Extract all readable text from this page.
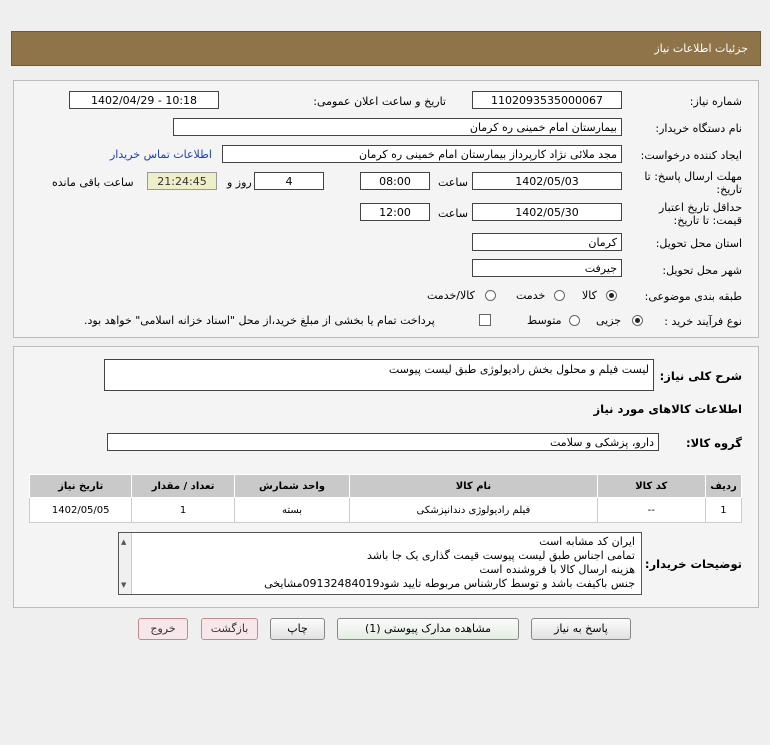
جزئیات اطلاعات نیاز
شماره نیاز:
1102093535000067
تاریخ و ساعت اعلان عمومی:
1402/04/29 - 10:18
نام دستگاه خریدار:
بیمارستان امام خمینی ره کرمان
ایجاد کننده درخواست:
مجد ملائی نژاد کارپرداز بیمارستان امام خمینی ره کرمان
اطلاعات تماس خریدار
مهلت ارسال پاسخ: تا
تاریخ:
1402/05/03
ساعت
08:00
4
روز و
21:24:45
ساعت باقی مانده
حداقل تاریخ اعتبار
قیمت: تا تاریخ:
1402/05/30
ساعت
12:00
استان محل تحویل:
کرمان
شهر محل تحویل:
جیرفت
طبقه بندی موضوعی:
کالا
خدمت
کالا/خدمت
نوع فرآیند خرید :
جزیی
متوسط
پرداخت تمام یا بخشی از مبلغ خرید،از محل "اسناد خزانه اسلامی" خواهد بود.
شرح کلی نیاز:
لیست فیلم و محلول بخش رادیولوژی طبق لیست پیوست
اطلاعات کالاهای مورد نیاز
گروه کالا:
دارو، پزشکی و سلامت
ردیف	کد کالا	نام کالا	واحد شمارش	تعداد / مقدار	تاریخ نیاز
1	--	فیلم رادیولوژی دندانپزشکی	بسته	1	1402/05/05
توضیحات خریدار:
▲
▼
ایران کد مشابه است
تمامی اجناس طبق لیست پیوست قیمت گذاری یک جا باشد
هزینه ارسال کالا با فروشنده است
جنس باکیفت باشد و توسط کارشناس مربوطه تایید شود09132484019مشایخی
پاسخ به نیاز
مشاهده مدارک پیوستی (1)
چاپ
بازگشت
خروج
